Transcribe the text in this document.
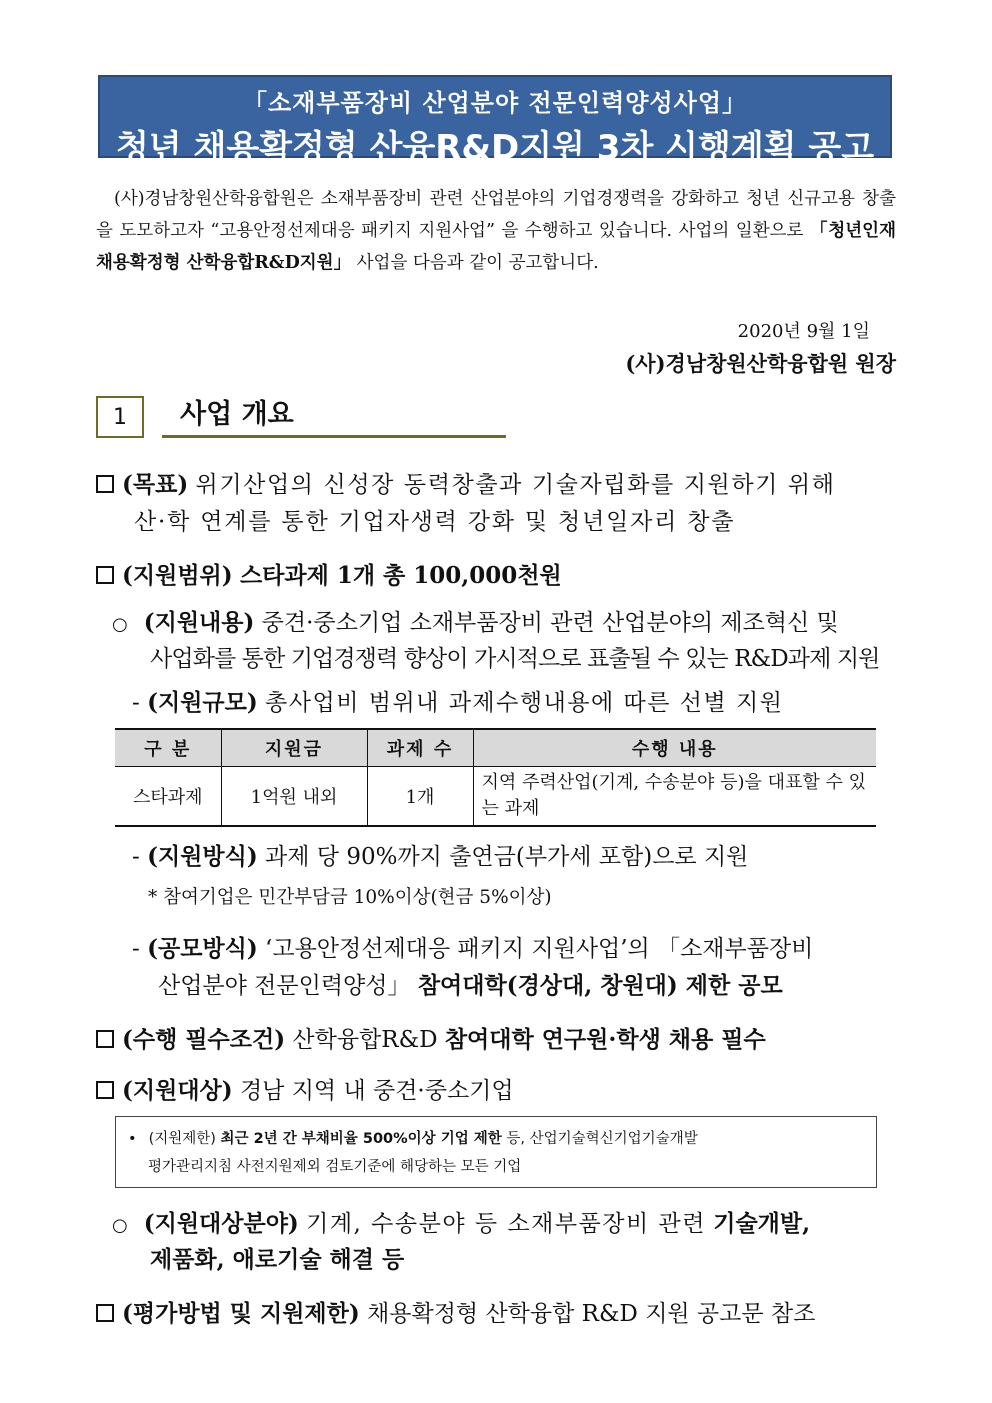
「소재부품장비 산업분야 전문인력양성사업」
청년 채용확정형 산융R&D지원 3차 시행계획 공고
(사)경남창원산학융합원은 소재부품장비 관련 산업분야의 기업경쟁력을 강화하고 청년 신규고용 창출을 도모하고자 “고용안정선제대응 패키지 지원사업” 을 수행하고 있습니다. 사업의 일환으로 「청년인재 채용확정형 산학융합R&D지원」 사업을 다음과 같이 공고합니다.
2020년 9월 1일
(사)경남창원산학융합원 원장
1	사업 개요
(목표) 위기산업의 신성장 동력창출과 기술자립화를 지원하기 위해
산·학 연계를 통한 기업자생력 강화 및 청년일자리 창출
(지원범위) 스타과제 1개 총 100,000천원
○ (지원내용) 중견·중소기업 소재부품장비 관련 산업분야의 제조혁신 및
사업화를 통한 기업경쟁력 향상이 가시적으로 표출될 수 있는 R&D과제 지원
- (지원규모) 총사업비 범위내 과제수행내용에 따른 선별 지원
구 분	지원금	과제 수	수행 내용
스타과제	1억원 내외	1개	지역 주력산업(기계, 수송분야 등)을 대표할 수 있는 과제
- (지원방식) 과제 당 90%까지 출연금(부가세 포함)으로 지원
* 참여기업은 민간부담금 10%이상(현금 5%이상)
- (공모방식) ‘고용안정선제대응 패키지 지원사업’의 「소재부품장비
산업분야 전문인력양성」 참여대학(경상대, 창원대) 제한 공모
(수행 필수조건) 산학융합R&D 참여대학 연구원·학생 채용 필수
(지원대상) 경남 지역 내 중견·중소기업
• (지원제한) 최근 2년 간 부채비율 500%이상 기업 제한 등, 산업기술혁신기업기술개발
평가관리지침 사전지원제외 검토기준에 해당하는 모든 기업
○ (지원대상분야) 기계, 수송분야 등 소재부품장비 관련 기술개발,
제품화, 애로기술 해결 등
(평가방법 및 지원제한) 채용확정형 산학융합 R&D 지원 공고문 참조
